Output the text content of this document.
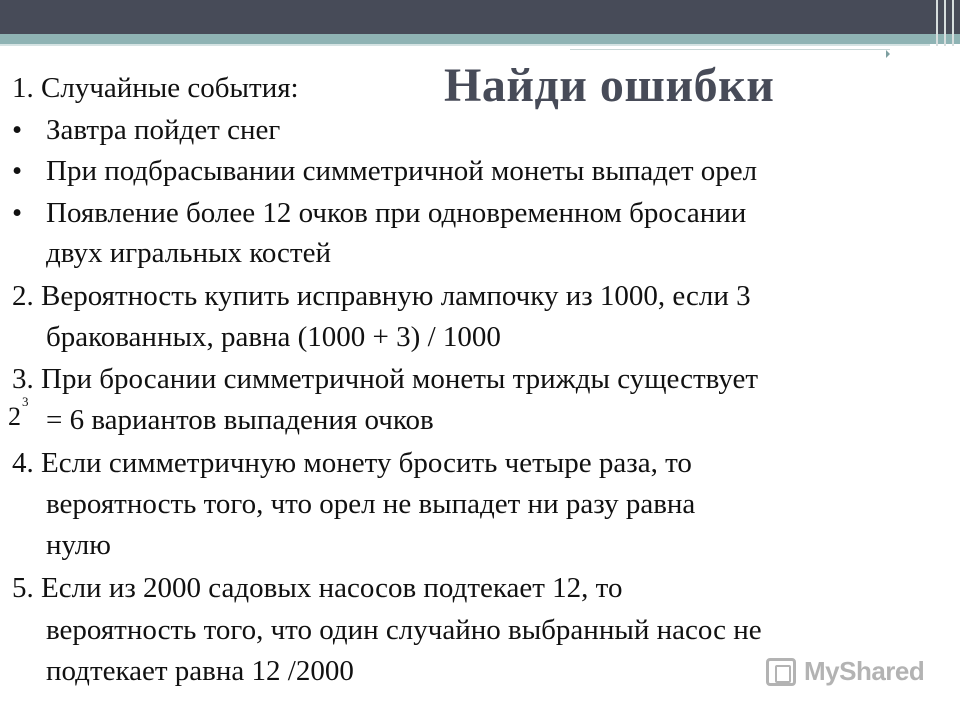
Найди ошибки
1. Случайные события:
• Завтра пойдет снег
• При подбрасывании симметричной монеты выпадет орел
• Появление более 12 очков при одновременном бросании
двух игральных костей
2. Вероятность купить исправную лампочку из 1000, если 3
бракованных, равна (1000 + 3) / 1000
3. При бросании симметричной монеты трижды существует
2
3
= 6 вариантов выпадения очков
4. Если симметричную монету бросить четыре раза, то
вероятность того, что орел не выпадет ни разу равна
нулю
5. Если из 2000 садовых насосов подтекает 12, то
вероятность того, что один случайно выбранный насос не
подтекает равна 12 /2000	MyShared
